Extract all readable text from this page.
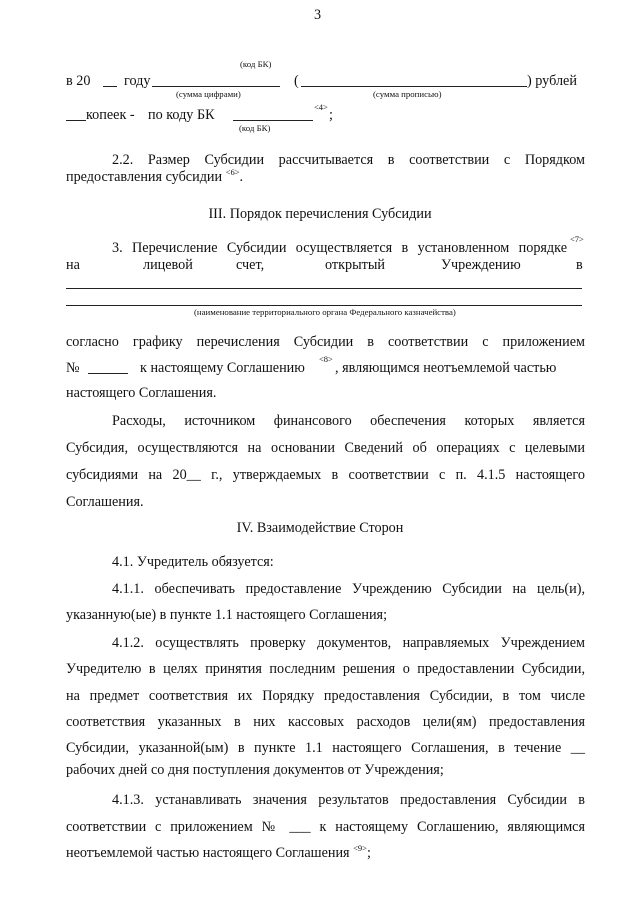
3
(код БК)
в 20 году	(	) рублей
(сумма цифрами)	(сумма прописью)
копеек - по коду БК	<4> ;
(код БК)
2.2. Размер Субсидии рассчитывается в соответствии с Порядком
предоставления субсидии $^{<6>}$.
III. Порядок перечисления Субсидии
3. Перечисление Субсидии осуществляется в установленном порядке
<7>
на	лицевой	счет,	открытый	Учреждению	в
(наименование территориального органа Федерального казначейства)
согласно графику перечисления Субсидии в соответствии с приложением
№	к настоящему Соглашению
<8>
, являющимся неотъемлемой частью
настоящего Соглашения.
Расходы, источником финансового обеспечения которых является
Субсидия, осуществляются на основании Сведений об операциях с целевыми
субсидиями на 20__ г., утверждаемых в соответствии с п. 4.1.5 настоящего
Соглашения.
IV. Взаимодействие Сторон
4.1. Учредитель обязуется:
4.1.1. обеспечивать предоставление Учреждению Субсидии на цель(и),
указанную(ые) в пункте 1.1 настоящего Соглашения;
4.1.2. осуществлять проверку документов, направляемых Учреждением
Учредителю в целях принятия последним решения о предоставлении Субсидии,
на предмет соответствия их Порядку предоставления Субсидии, в том числе
соответствия указанных в них кассовых расходов цели(ям) предоставления
Субсидии, указанной(ым) в пункте 1.1 настоящего Соглашения, в течение __
рабочих дней со дня поступления документов от Учреждения;
4.1.3. устанавливать значения результатов предоставления Субсидии в
соответствии с приложением № ___ к настоящему Соглашению, являющимся
неотъемлемой частью настоящего Соглашения $^{<9>}$;
